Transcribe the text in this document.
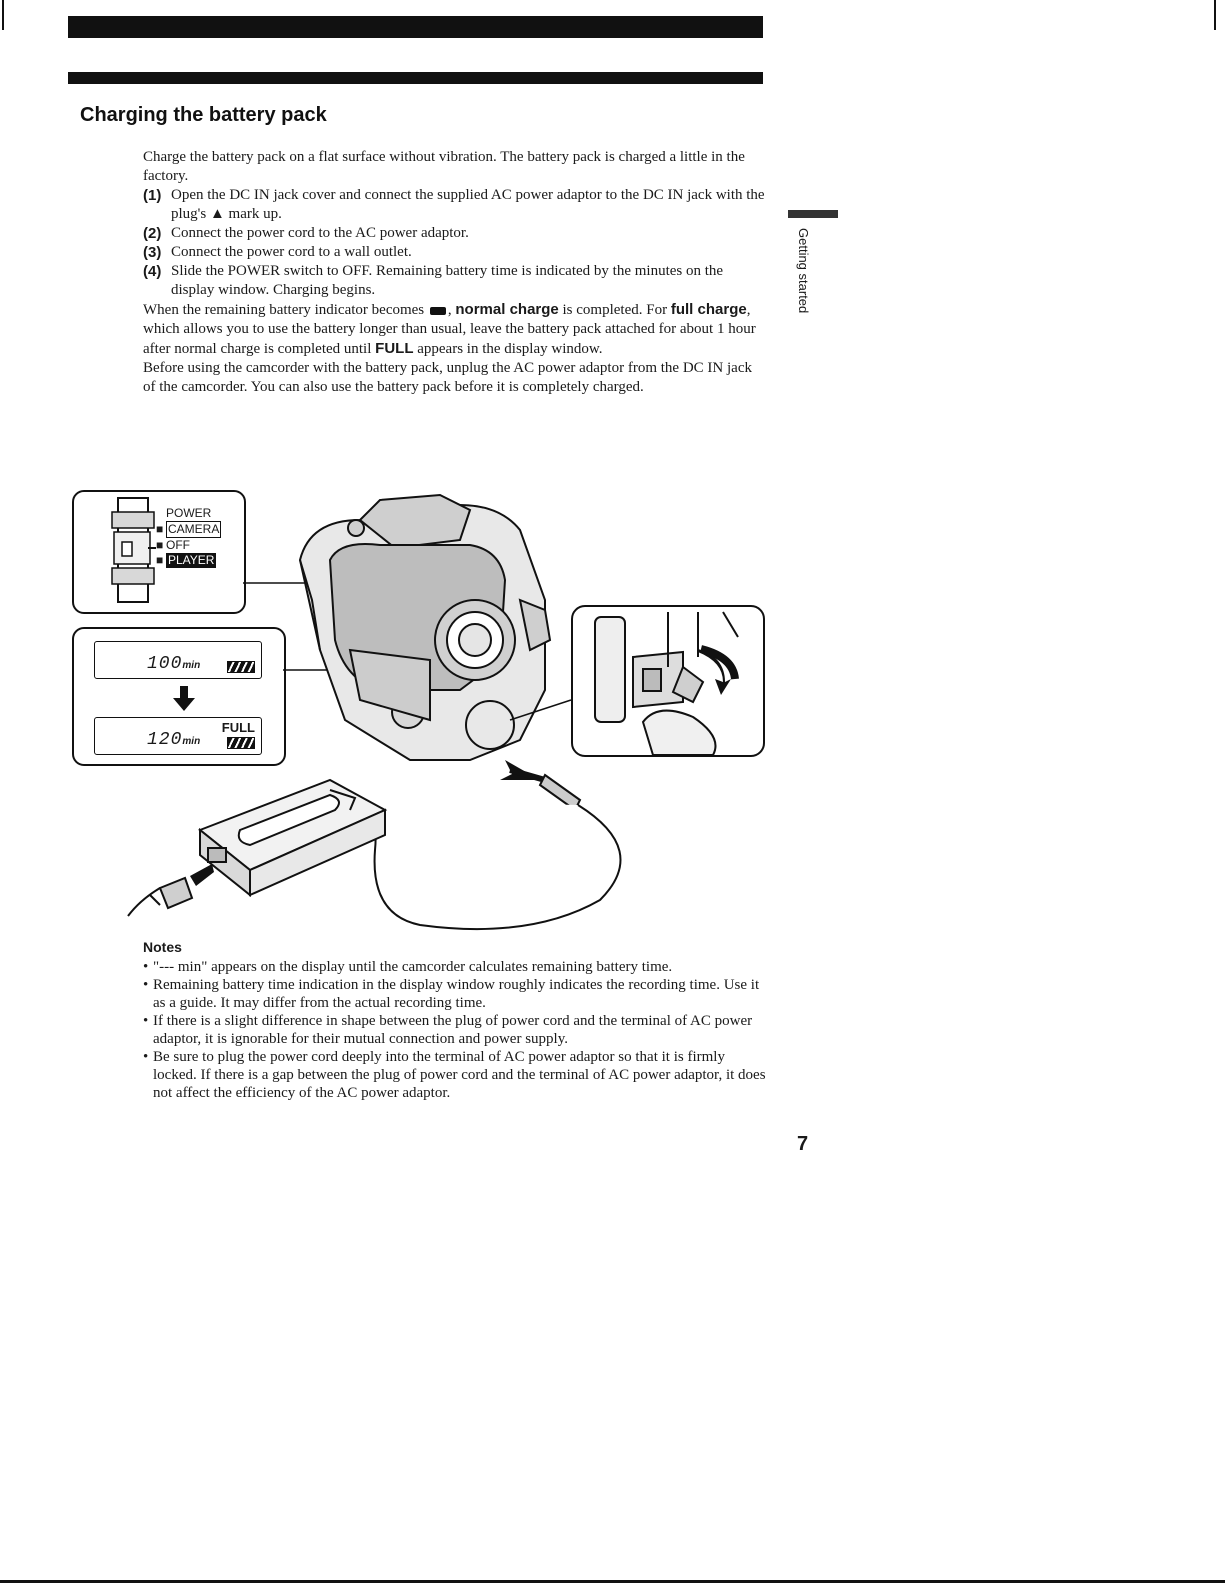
Charging the battery pack
Getting started

Charge the battery pack on a flat surface without vibration. The battery pack is charged a little in the factory.

(1) Open the DC IN jack cover and connect the supplied AC power adaptor to the DC IN jack with the plug's ▲ mark up.
(2) Connect the power cord to the AC power adaptor.
(3) Connect the power cord to a wall outlet.
(4) Slide the POWER switch to OFF. Remaining battery time is indicated by the minutes on the display window. Charging begins.

When the remaining battery indicator becomes , normal charge is completed. For full charge, which allows you to use the battery longer than usual, leave the battery pack attached for about 1 hour after normal charge is completed until FULL appears in the display window.

Before using the camcorder with the battery pack, unplug the AC power adaptor from the DC IN jack of the camcorder. You can also use the battery pack before it is completely charged.

POWER
■ CAMERA
■ OFF
■ PLAYER
100min
FULL
120min
Notes
• "--- min" appears on the display until the camcorder calculates remaining battery time.
• Remaining battery time indication in the display window roughly indicates the recording time. Use it as a guide. It may differ from the actual recording time.
• If there is a slight difference in shape between the plug of power cord and the terminal of AC power adaptor, it is ignorable for their mutual connection and power supply.
• Be sure to plug the power cord deeply into the terminal of AC power adaptor so that it is firmly locked. If there is a gap between the plug of power cord and the terminal of AC power adaptor, it does not affect the efficiency of the AC power adaptor.
7
